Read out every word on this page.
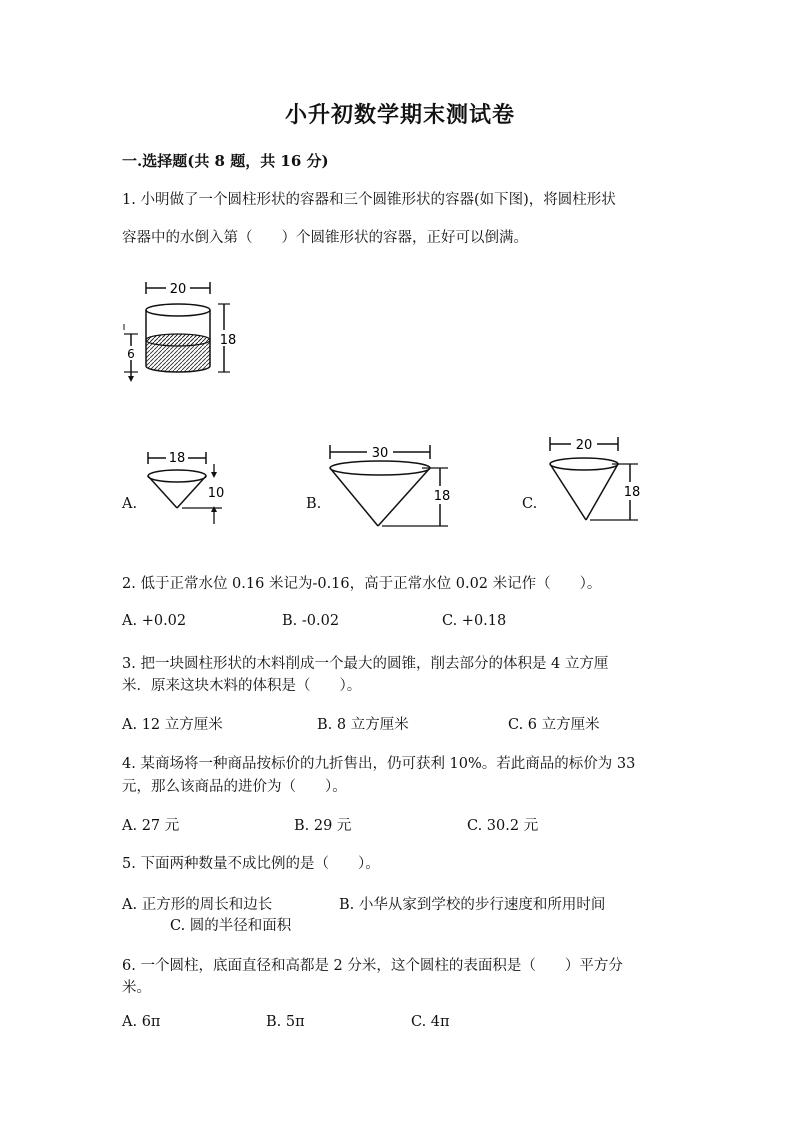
小升初数学期末测试卷
一.选择题(共 8 题，共 16 分)
1. 小明做了一个圆柱形状的容器和三个圆锥形状的容器(如下图)，将圆柱形状
容器中的水倒入第（　　）个圆锥形状的容器，正好可以倒满。
20
18
6
A.
18
10
B.
30
18	C.
20
18
2. 低于正常水位 0.16 米记为-0.16，高于正常水位 0.02 米记作（　　）。
A. +0.02	B. -0.02	C. +0.18
3. 把一块圆柱形状的木料削成一个最大的圆锥，削去部分的体积是 4 立方厘
米．原来这块木料的体积是（　　）。
A. 12 立方厘米	B. 8 立方厘米	C. 6 立方厘米
4. 某商场将一种商品按标价的九折售出，仍可获利 10%。若此商品的标价为 33
元，那么该商品的进价为（　　）。
A. 27 元	B. 29 元	C. 30.2 元
5. 下面两种数量不成比例的是（　　）。
A. 正方形的周长和边长	B. 小华从家到学校的步行速度和所用时间
C. 圆的半径和面积
6. 一个圆柱，底面直径和高都是 2 分米，这个圆柱的表面积是（　　）平方分
米。
A. 6π	B. 5π	C. 4π
